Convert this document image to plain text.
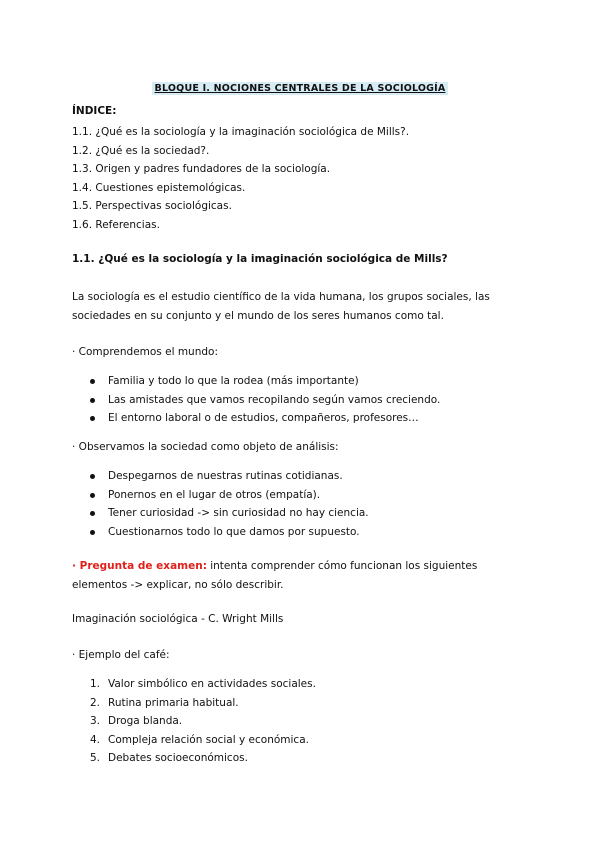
BLOQUE I. NOCIONES CENTRALES DE LA SOCIOLOGÍA
ÍNDICE:
1.1. ¿Qué es la sociología y la imaginación sociológica de Mills?.
1.2. ¿Qué es la sociedad?.
1.3. Origen y padres fundadores de la sociología.
1.4. Cuestiones epistemológicas.
1.5. Perspectivas sociológicas.
1.6. Referencias.
1.1. ¿Qué es la sociología y la imaginación sociológica de Mills?
La sociología es el estudio científico de la vida humana, los grupos sociales, las sociedades en su conjunto y el mundo de los seres humanos como tal.
· Comprendemos el mundo:
Familia y todo lo que la rodea (más importante)
Las amistades que vamos recopilando según vamos creciendo.
El entorno laboral o de estudios, compañeros, profesores…
· Observamos la sociedad como objeto de análisis:
Despegarnos de nuestras rutinas cotidianas.
Ponernos en el lugar de otros (empatía).
Tener curiosidad -> sin curiosidad no hay ciencia.
Cuestionarnos todo lo que damos por supuesto.
· Pregunta de examen: intenta comprender cómo funcionan los siguientes
elementos -> explicar, no sólo describir.
Imaginación sociológica - C. Wright Mills
· Ejemplo del café:
1. Valor simbólico en actividades sociales.
2. Rutina primaria habitual.
3. Droga blanda.
4. Compleja relación social y económica.
5. Debates socioeconómicos.
